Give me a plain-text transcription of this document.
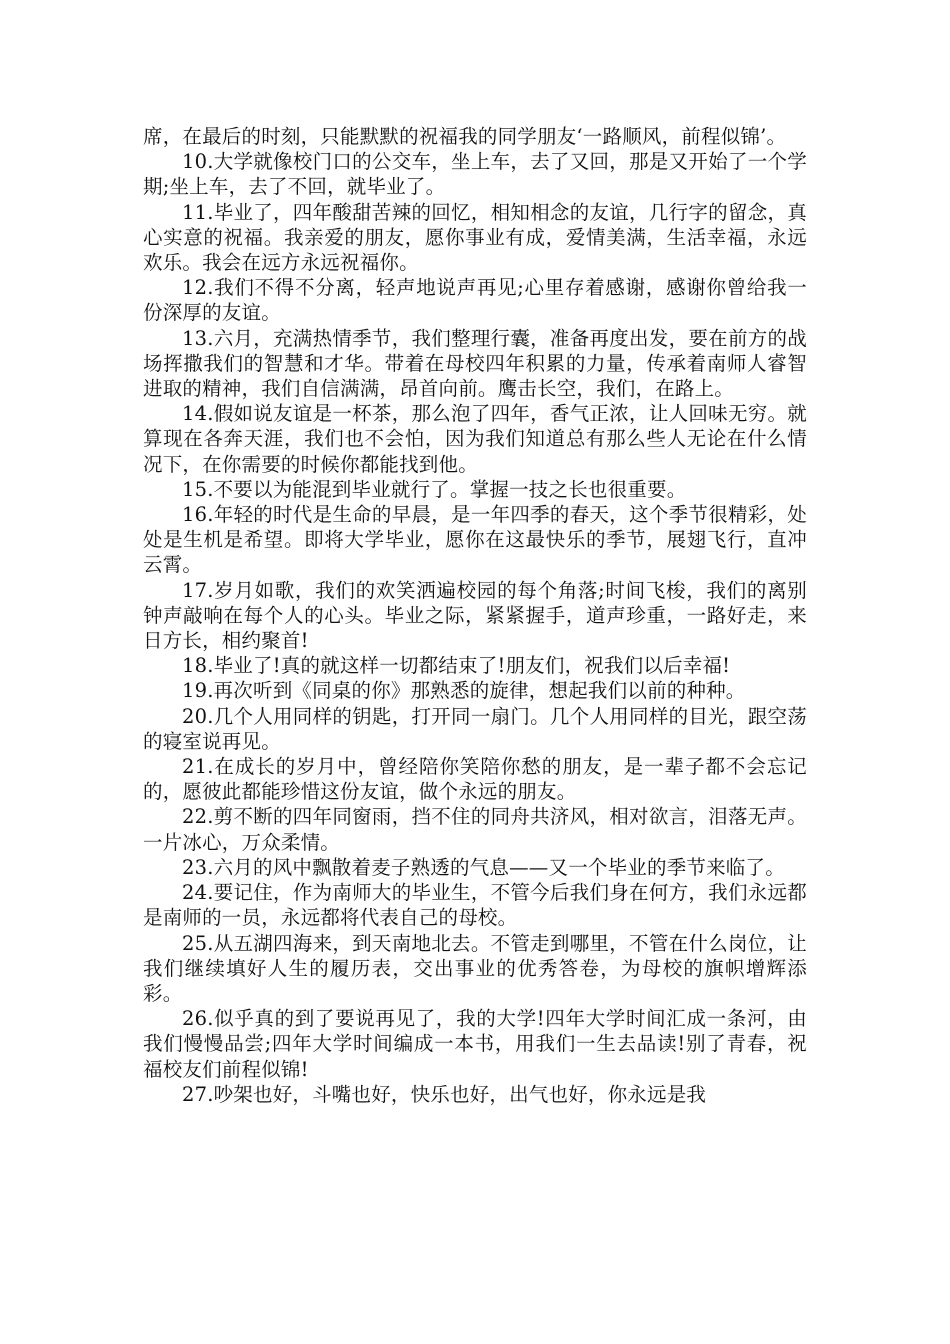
席，在最后的时刻，只能默默的祝福我的同学朋友‘一路顺风，前程似锦’。

10.大学就像校门口的公交车，坐上车，去了又回，那是又开始了一个学期;坐上车，去了不回，就毕业了。

11.毕业了，四年酸甜苦辣的回忆，相知相念的友谊，几行字的留念，真心实意的祝福。我亲爱的朋友，愿你事业有成，爱情美满，生活幸福，永远欢乐。我会在远方永远祝福你。

12.我们不得不分离，轻声地说声再见;心里存着感谢，感谢你曾给我一份深厚的友谊。

13.六月，充满热情季节，我们整理行囊，准备再度出发，要在前方的战场挥撒我们的智慧和才华。带着在母校四年积累的力量，传承着南师人睿智进取的精神，我们自信满满，昂首向前。鹰击长空，我们，在路上。

14.假如说友谊是一杯茶，那么泡了四年，香气正浓，让人回味无穷。就算现在各奔天涯，我们也不会怕，因为我们知道总有那么些人无论在什么情况下，在你需要的时候你都能找到他。

15.不要以为能混到毕业就行了。掌握一技之长也很重要。

16.年轻的时代是生命的早晨，是一年四季的春天，这个季节很精彩，处处是生机是希望。即将大学毕业，愿你在这最快乐的季节，展翅飞行，直冲云霄。

17.岁月如歌，我们的欢笑洒遍校园的每个角落;时间飞梭，我们的离别钟声敲响在每个人的心头。毕业之际，紧紧握手，道声珍重，一路好走，来日方长，相约聚首!

18.毕业了!真的就这样一切都结束了!朋友们，祝我们以后幸福!

19.再次听到《同桌的你》那熟悉的旋律，想起我们以前的种种。

20.几个人用同样的钥匙，打开同一扇门。几个人用同样的目光，跟空荡的寝室说再见。

21.在成长的岁月中，曾经陪你笑陪你愁的朋友，是一辈子都不会忘记的，愿彼此都能珍惜这份友谊，做个永远的朋友。

22.剪不断的四年同窗雨，挡不住的同舟共济风，相对欲言，泪落无声。一片冰心，万众柔情。

23.六月的风中飘散着麦子熟透的气息——又一个毕业的季节来临了。

24.要记住，作为南师大的毕业生，不管今后我们身在何方，我们永远都是南师的一员，永远都将代表自己的母校。

25.从五湖四海来，到天南地北去。不管走到哪里，不管在什么岗位，让我们继续填好人生的履历表，交出事业的优秀答卷，为母校的旗帜增辉添彩。

26.似乎真的到了要说再见了，我的大学!四年大学时间汇成一条河，由我们慢慢品尝;四年大学时间编成一本书，用我们一生去品读!别了青春，祝福校友们前程似锦!

27.吵架也好，斗嘴也好，快乐也好，出气也好，你永远是我
